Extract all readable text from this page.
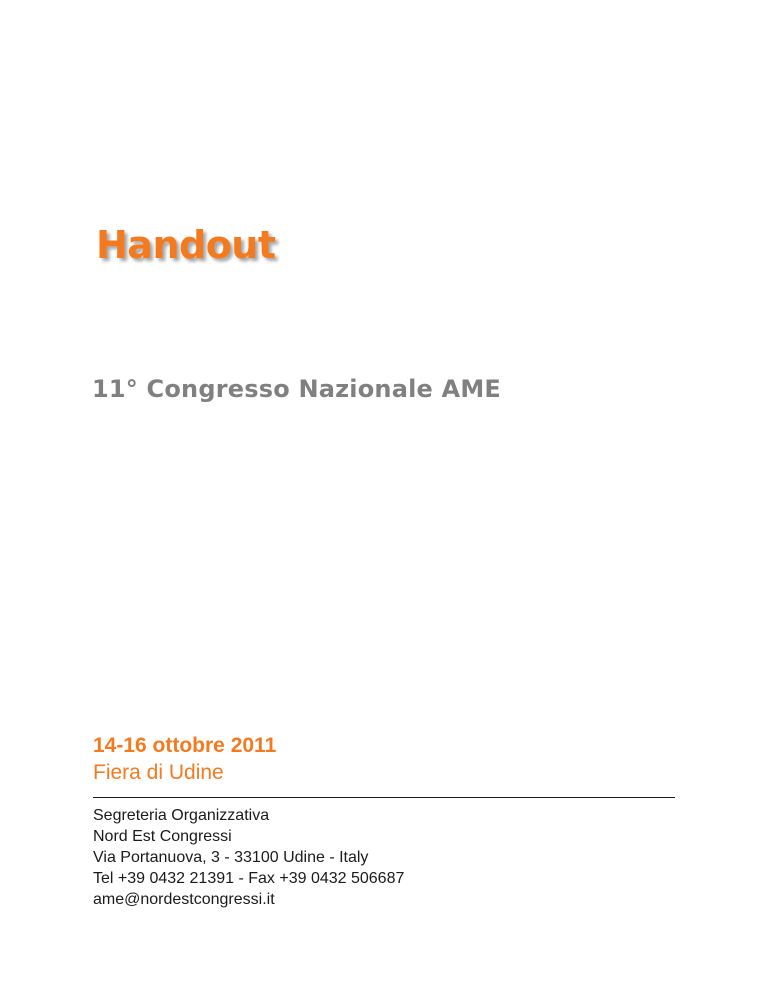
Handout
11° Congresso Nazionale AME

14-16 ottobre 2011

Fiera di Udine

Segreteria Organizzativa
Nord Est Congressi
Via Portanuova, 3 - 33100 Udine - Italy
Tel +39 0432 21391 - Fax +39 0432 506687
ame@nordestcongressi.it
